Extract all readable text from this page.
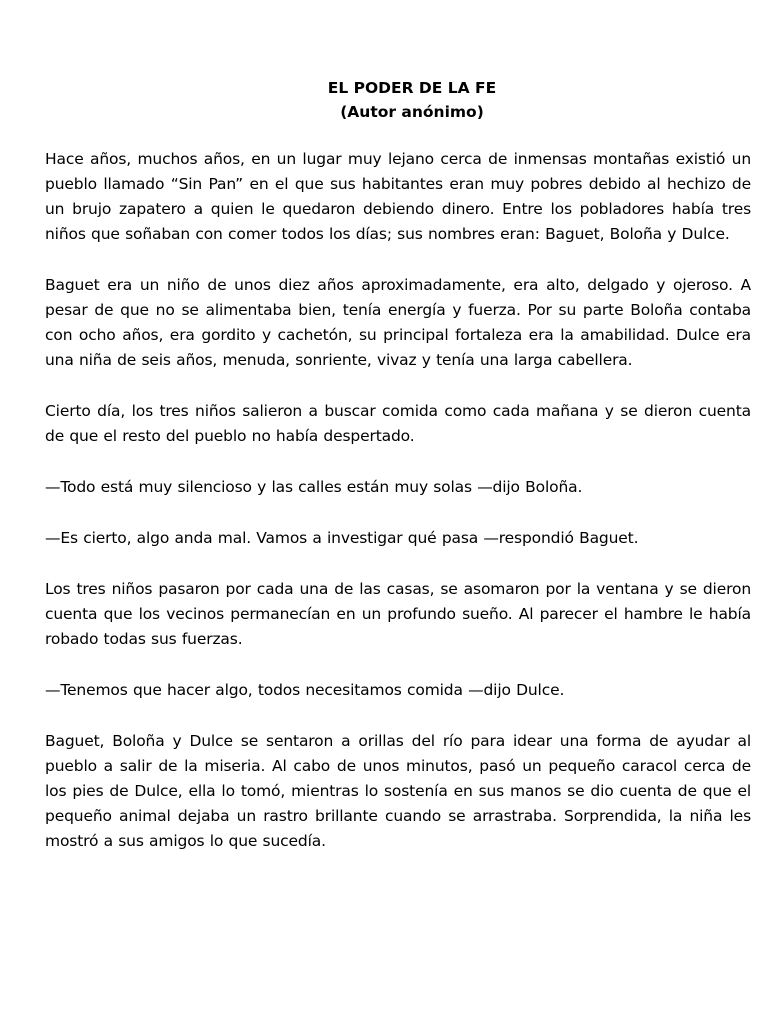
EL PODER DE LA FE
(Autor anónimo)

Hace años, muchos años, en un lugar muy lejano cerca de inmensas montañas existió un pueblo llamado “Sin Pan” en el que sus habitantes eran muy pobres debido al hechizo de un brujo zapatero a quien le quedaron debiendo dinero. Entre los pobladores había tres niños que soñaban con comer todos los días; sus nombres eran: Baguet, Boloña y Dulce.

Baguet era un niño de unos diez años aproximadamente, era alto, delgado y ojeroso. A pesar de que no se alimentaba bien, tenía energía y fuerza. Por su parte Boloña contaba con ocho años, era gordito y cachetón, su principal fortaleza era la amabilidad. Dulce era una niña de seis años, menuda, sonriente, vivaz y tenía una larga cabellera.

Cierto día, los tres niños salieron a buscar comida como cada mañana y se dieron cuenta de que el resto del pueblo no había despertado.

—Todo está muy silencioso y las calles están muy solas —dijo Boloña.

—Es cierto, algo anda mal. Vamos a investigar qué pasa —respondió Baguet.

Los tres niños pasaron por cada una de las casas, se asomaron por la ventana y se dieron cuenta que los vecinos permanecían en un profundo sueño. Al parecer el hambre le había robado todas sus fuerzas.

—Tenemos que hacer algo, todos necesitamos comida —dijo Dulce.

Baguet, Boloña y Dulce se sentaron a orillas del río para idear una forma de ayudar al pueblo a salir de la miseria. Al cabo de unos minutos, pasó un pequeño caracol cerca de los pies de Dulce, ella lo tomó, mientras lo sostenía en sus manos se dio cuenta de que el pequeño animal dejaba un rastro brillante cuando se arrastraba. Sorprendida, la niña les mostró a sus amigos lo que sucedía.
